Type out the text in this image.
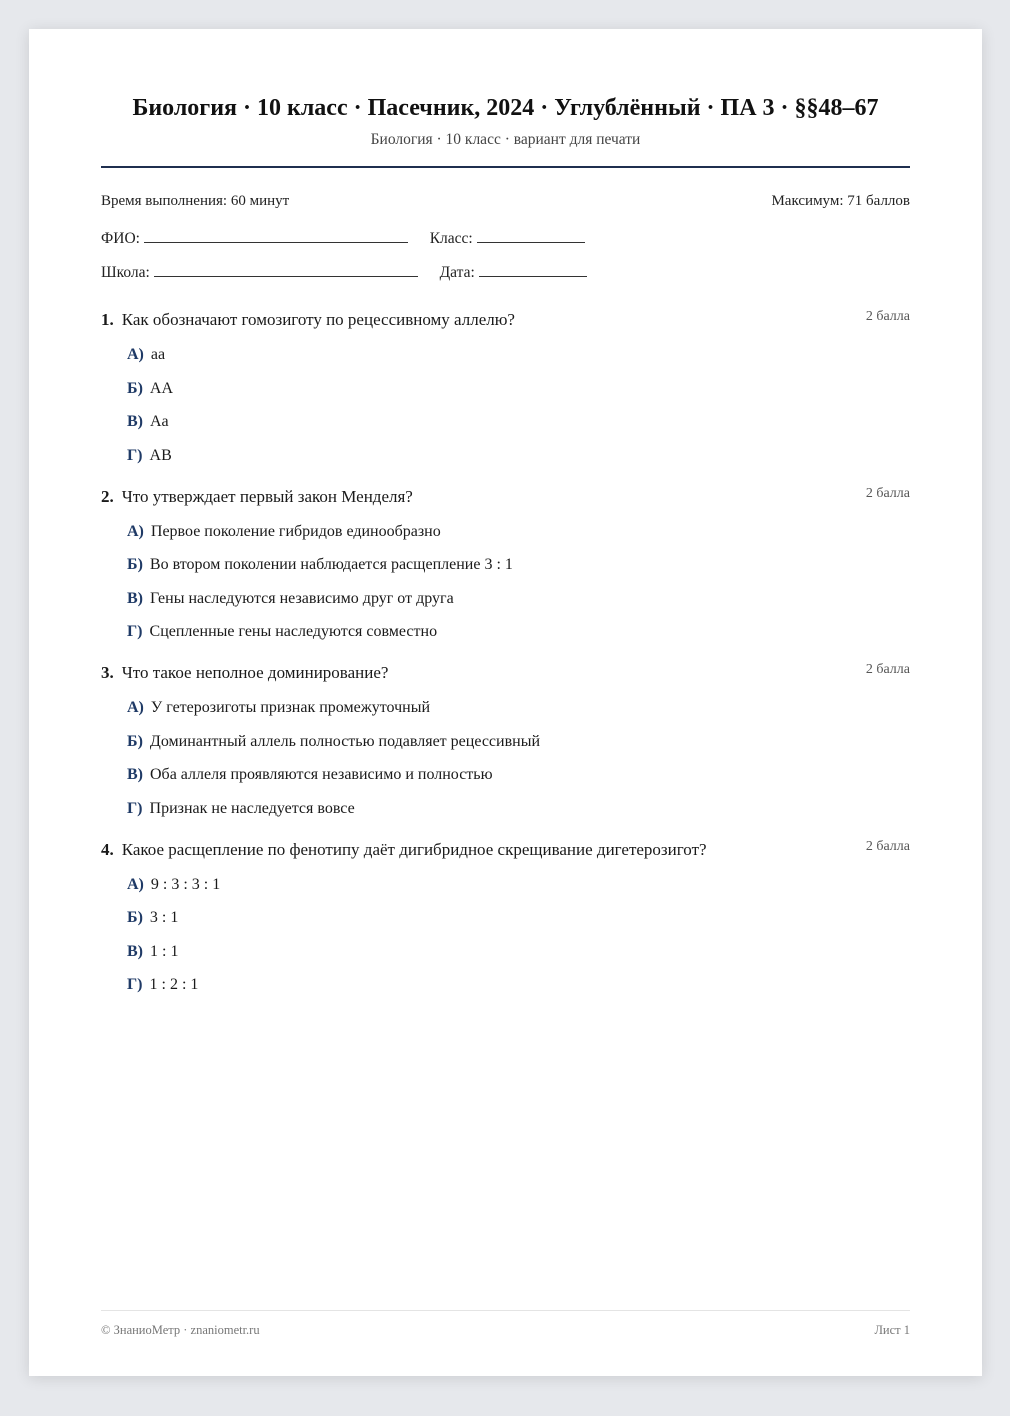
Биология · 10 класс · Пасечник, 2024 · Углублённый · ПА 3 · §§48–67
Биология · 10 класс · вариант для печати
Время выполнения: 60 минут	Максимум: 71 баллов
ФИО:	Класс:
Школа:	Дата:
1. Как обозначают гомозиготу по рецессивному аллелю?	2 балла
А) aa
Б) AA
В) Aa
Г) AB
2. Что утверждает первый закон Менделя?	2 балла
А) Первое поколение гибридов единообразно
Б) Во втором поколении наблюдается расщепление 3 : 1
В) Гены наследуются независимо друг от друга
Г) Сцепленные гены наследуются совместно
3. Что такое неполное доминирование?	2 балла
А) У гетерозиготы признак промежуточный
Б) Доминантный аллель полностью подавляет рецессивный
В) Оба аллеля проявляются независимо и полностью
Г) Признак не наследуется вовсе
4. Какое расщепление по фенотипу даёт дигибридное скрещивание дигетерозигот?	2 балла
А) 9 : 3 : 3 : 1
Б) 3 : 1
В) 1 : 1
Г) 1 : 2 : 1
© ЗнаниоМетр · znaniometr.ru	Лист 1
